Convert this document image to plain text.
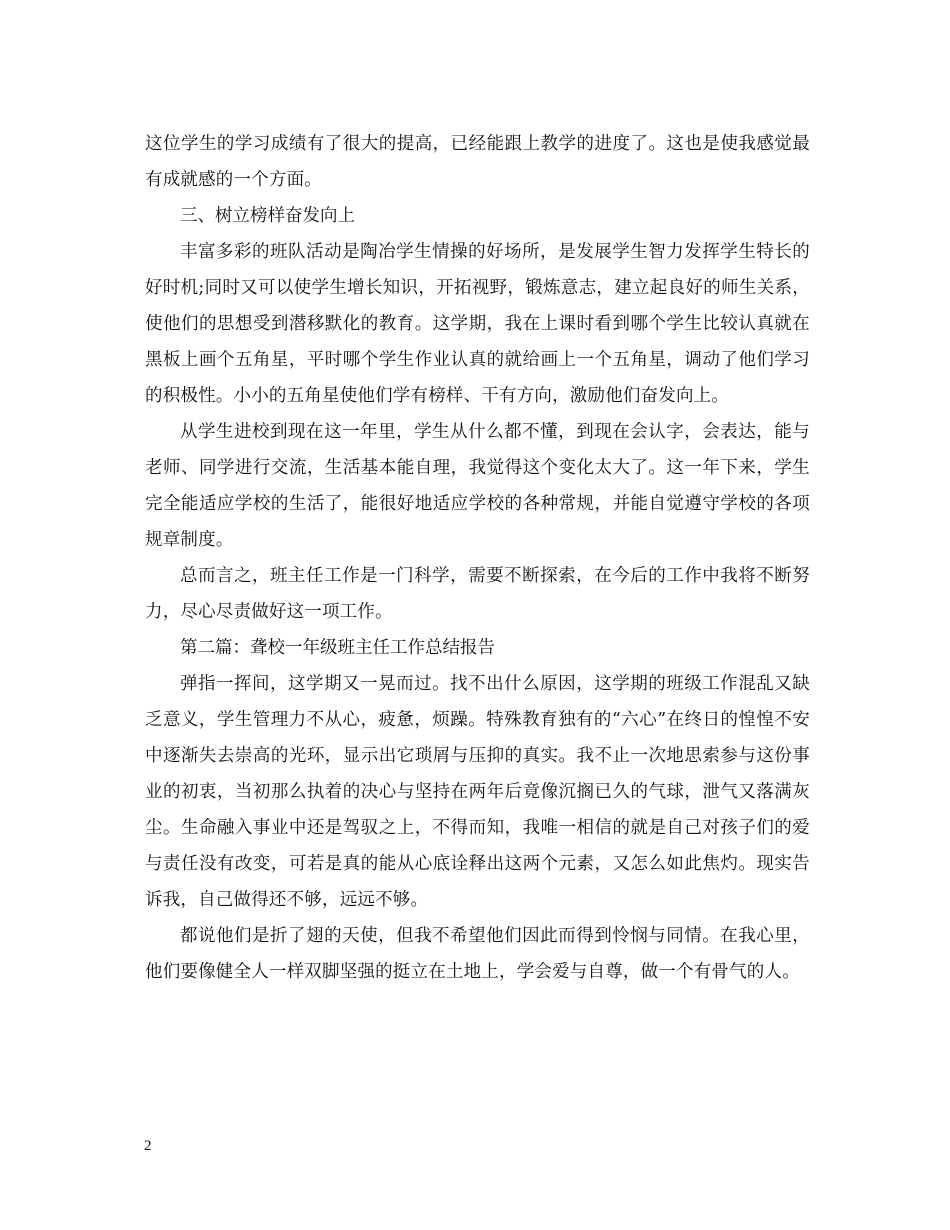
这位学生的学习成绩有了很大的提高，已经能跟上教学的进度了。这也是使我感觉最有成就感的一个方面。

三、树立榜样奋发向上

丰富多彩的班队活动是陶冶学生情操的好场所，是发展学生智力发挥学生特长的好时机;同时又可以使学生增长知识，开拓视野，锻炼意志，建立起良好的师生关系，使他们的思想受到潜移默化的教育。这学期，我在上课时看到哪个学生比较认真就在黑板上画个五角星，平时哪个学生作业认真的就给画上一个五角星，调动了他们学习的积极性。小小的五角星使他们学有榜样、干有方向，激励他们奋发向上。

从学生进校到现在这一年里，学生从什么都不懂，到现在会认字，会表达，能与老师、同学进行交流，生活基本能自理，我觉得这个变化太大了。这一年下来，学生完全能适应学校的生活了，能很好地适应学校的各种常规，并能自觉遵守学校的各项规章制度。

总而言之，班主任工作是一门科学，需要不断探索，在今后的工作中我将不断努力，尽心尽责做好这一项工作。

第二篇：聋校一年级班主任工作总结报告

弹指一挥间，这学期又一晃而过。找不出什么原因，这学期的班级工作混乱又缺乏意义，学生管理力不从心，疲惫，烦躁。特殊教育独有的“六心”在终日的惶惶不安中逐渐失去崇高的光环，显示出它琐屑与压抑的真实。我不止一次地思索参与这份事业的初衷，当初那么执着的决心与坚持在两年后竟像沉搁已久的气球，泄气又落满灰尘。生命融入事业中还是驾驭之上，不得而知，我唯一相信的就是自己对孩子们的爱与责任没有改变，可若是真的能从心底诠释出这两个元素，又怎么如此焦灼。现实告诉我，自己做得还不够，远远不够。

都说他们是折了翅的天使，但我不希望他们因此而得到怜悯与同情。在我心里，他们要像健全人一样双脚坚强的挺立在土地上，学会爱与自尊，做一个有骨气的人。

2
